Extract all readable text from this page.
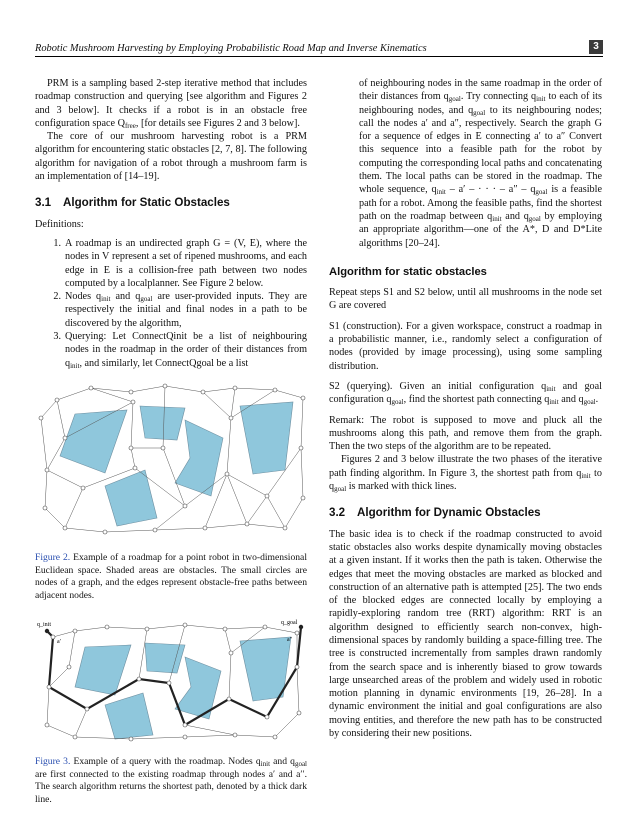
Robotic Mushroom Harvesting by Employing Probabilistic Road Map and Inverse Kinematics	3

PRM is a sampling based 2-step iterative method that includes roadmap construction and querying [see algorithm and Figures 2 and 3 below]. It checks if a robot is in an obstacle free configuration space $Q_{free}$, [for details see Figures 2 and 3 below].

The core of our mushroom harvesting robot is a PRM algorithm for encountering static obstacles [2, 7, 8]. The following algorithm for navigation of a robot through a mushroom farm is an implementation of [14–19].

3.1 Algorithm for Static Obstacles

Definitions:

1. A roadmap is an undirected graph G = (V, E), where the nodes in V represent a set of ripened mushrooms, and each edge in E is a collision-free path between two nodes computed by a localplanner. See Figure 2 below.
2. Nodes $q_{init}$ and $q_{goal}$ are user-provided inputs. They are respectively the initial and final nodes in a path to be discovered by the algorithm,
3. Querying: Let ConnectQinit be a list of neighbouring nodes in the roadmap in the order of their distances from $q_{init}$, and similarly, let ConnectQgoal be a list

Figure 2. Example of a roadmap for a point robot in two-dimensional Euclidean space. Shaded areas are obstacles. The small circles are nodes of a graph, and the edges represent obstacle-free paths between adjacent nodes.

q_init	q_goal
a′	a″

Figure 3. Example of a query with the roadmap. Nodes $q_{init}$ and $q_{goal}$ are first connected to the existing roadmap through nodes a′ and a′′. The search algorithm returns the shortest path, denoted by a thick dark line.

of neighbouring nodes in the same roadmap in the order of their distances from $q_{goal}$. Try connecting $q_{init}$ to each of its neighbouring nodes, and $q_{goal}$ to its neighbouring nodes; call the nodes a′ and a″, respectively. Search the graph G for a sequence of edges in E connecting a′ to a″ Convert this sequence into a feasible path for the robot by computing the corresponding local paths and concatenating them. The local paths can be stored in the roadmap. The whole sequence, $q_{init} - a'$ – · · · – $a'' - q_{goal}$ is a feasible path for a robot. Among the feasible paths, find the shortest path on the roadmap between $q_{init}$ and $q_{goal}$ by employing an appropriate algorithm—one of the A*, D and D*Lite algorithms [20–24].

Algorithm for static obstacles

Repeat steps S1 and S2 below, until all mushrooms in the node set G are covered

S1 (construction). For a given workspace, construct a roadmap in a probabilistic manner, i.e., randomly select a configuration of nodes (provided by image processing), using some sampling distribution.

S2 (querying). Given an initial configuration $q_{init}$ and goal configuration $q_{goal}$, find the shortest path connecting $q_{init}$ and $q_{goal}$.

Remark: The robot is supposed to move and pluck all the mushrooms along this path, and remove them from the graph. Then the two steps of the algorithm are to be repeated.

Figures 2 and 3 below illustrate the two phases of the iterative path finding algorithm. In Figure 3, the shortest path from $q_{init}$ to $q_{goal}$ is marked with thick lines.

3.2 Algorithm for Dynamic Obstacles

The basic idea is to check if the roadmap constructed to avoid static obstacles also works despite dynamically moving obstacles at a given instant. If it works then the path is taken. Otherwise the edges that meet the moving obstacles are marked as blocked and construction of an alternative path is attempted [25]. The two ends of the blocked edges are connected locally by employing a rapidly-exploring random tree (RRT) algorithm: RRT is an algorithm designed to efficiently search non-convex, high-dimensional spaces by randomly building a space-filling tree. The tree is constructed incrementally from samples drawn randomly from the search space and is inherently biased to grow towards large unsearched areas of the problem and widely used in robotic motion planning in dynamic environments [19, 26–28]. In a dynamic environment the initial and goal configurations are also moving entities, and therefore the new path has to be constructed by considering their new positions.
